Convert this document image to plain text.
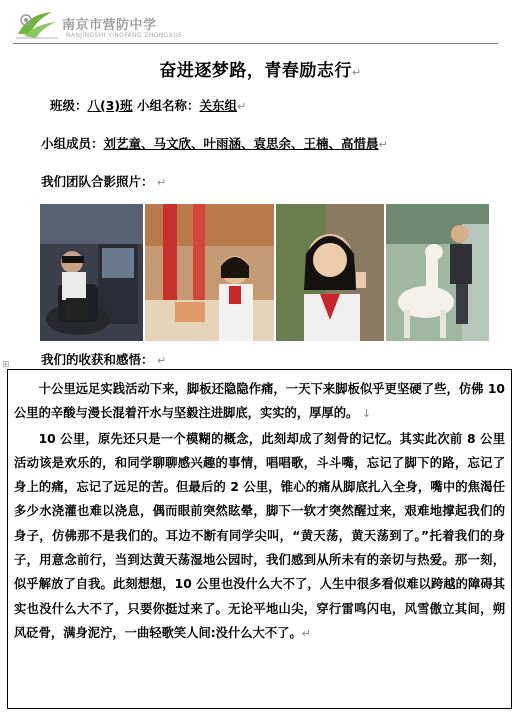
南京市营防中学
NANJINGSHI YINGFANG ZHONGXUE
奋进逐梦路，青春励志行↵
班级：八(3)班 小组名称：关东组↵
小组成员：刘艺童、马文欣、叶雨涵、袁思余、王楠、高惜晨↵
我们团队合影照片： ↵
⊞	我们的收获和感悟： ↵

十公里远足实践活动下来，脚板还隐隐作痛，一天下来脚板似乎更坚硬了些，仿佛 10 公里的辛酸与漫长混着汗水与坚毅注进脚底，实实的，厚厚的。 ↓

10 公里，原先还只是一个模糊的概念，此刻却成了刻骨的记忆。其实此次前 8 公里活动该是欢乐的，和同学聊聊感兴趣的事情，唱唱歌，斗斗嘴，忘记了脚下的路，忘记了身上的痛，忘记了远足的苦。但最后的 2 公里，锥心的痛从脚底扎入全身，嘴中的焦渴任多少水浇灌也难以浇息，偶而眼前突然眩晕，脚下一软才突然醒过来，艰难地撑起我们的身子，仿佛那不是我们的。耳边不断有同学尖叫，“黄天荡，黄天荡到了。”托着我们的身子，用意念前行，当到达黄天荡湿地公园时，我们感到从所未有的亲切与热爱。那一刻，似乎解放了自我。此刻想想，10 公里也没什么大不了，人生中很多看似难以跨越的障碍其实也没什么大不了，只要你挺过来了。无论平地山尖，穿行雷鸣闪电，风雪傲立其间，朔风砭骨，满身泥泞，一曲轻歌笑人间:没什么大不了。↵
